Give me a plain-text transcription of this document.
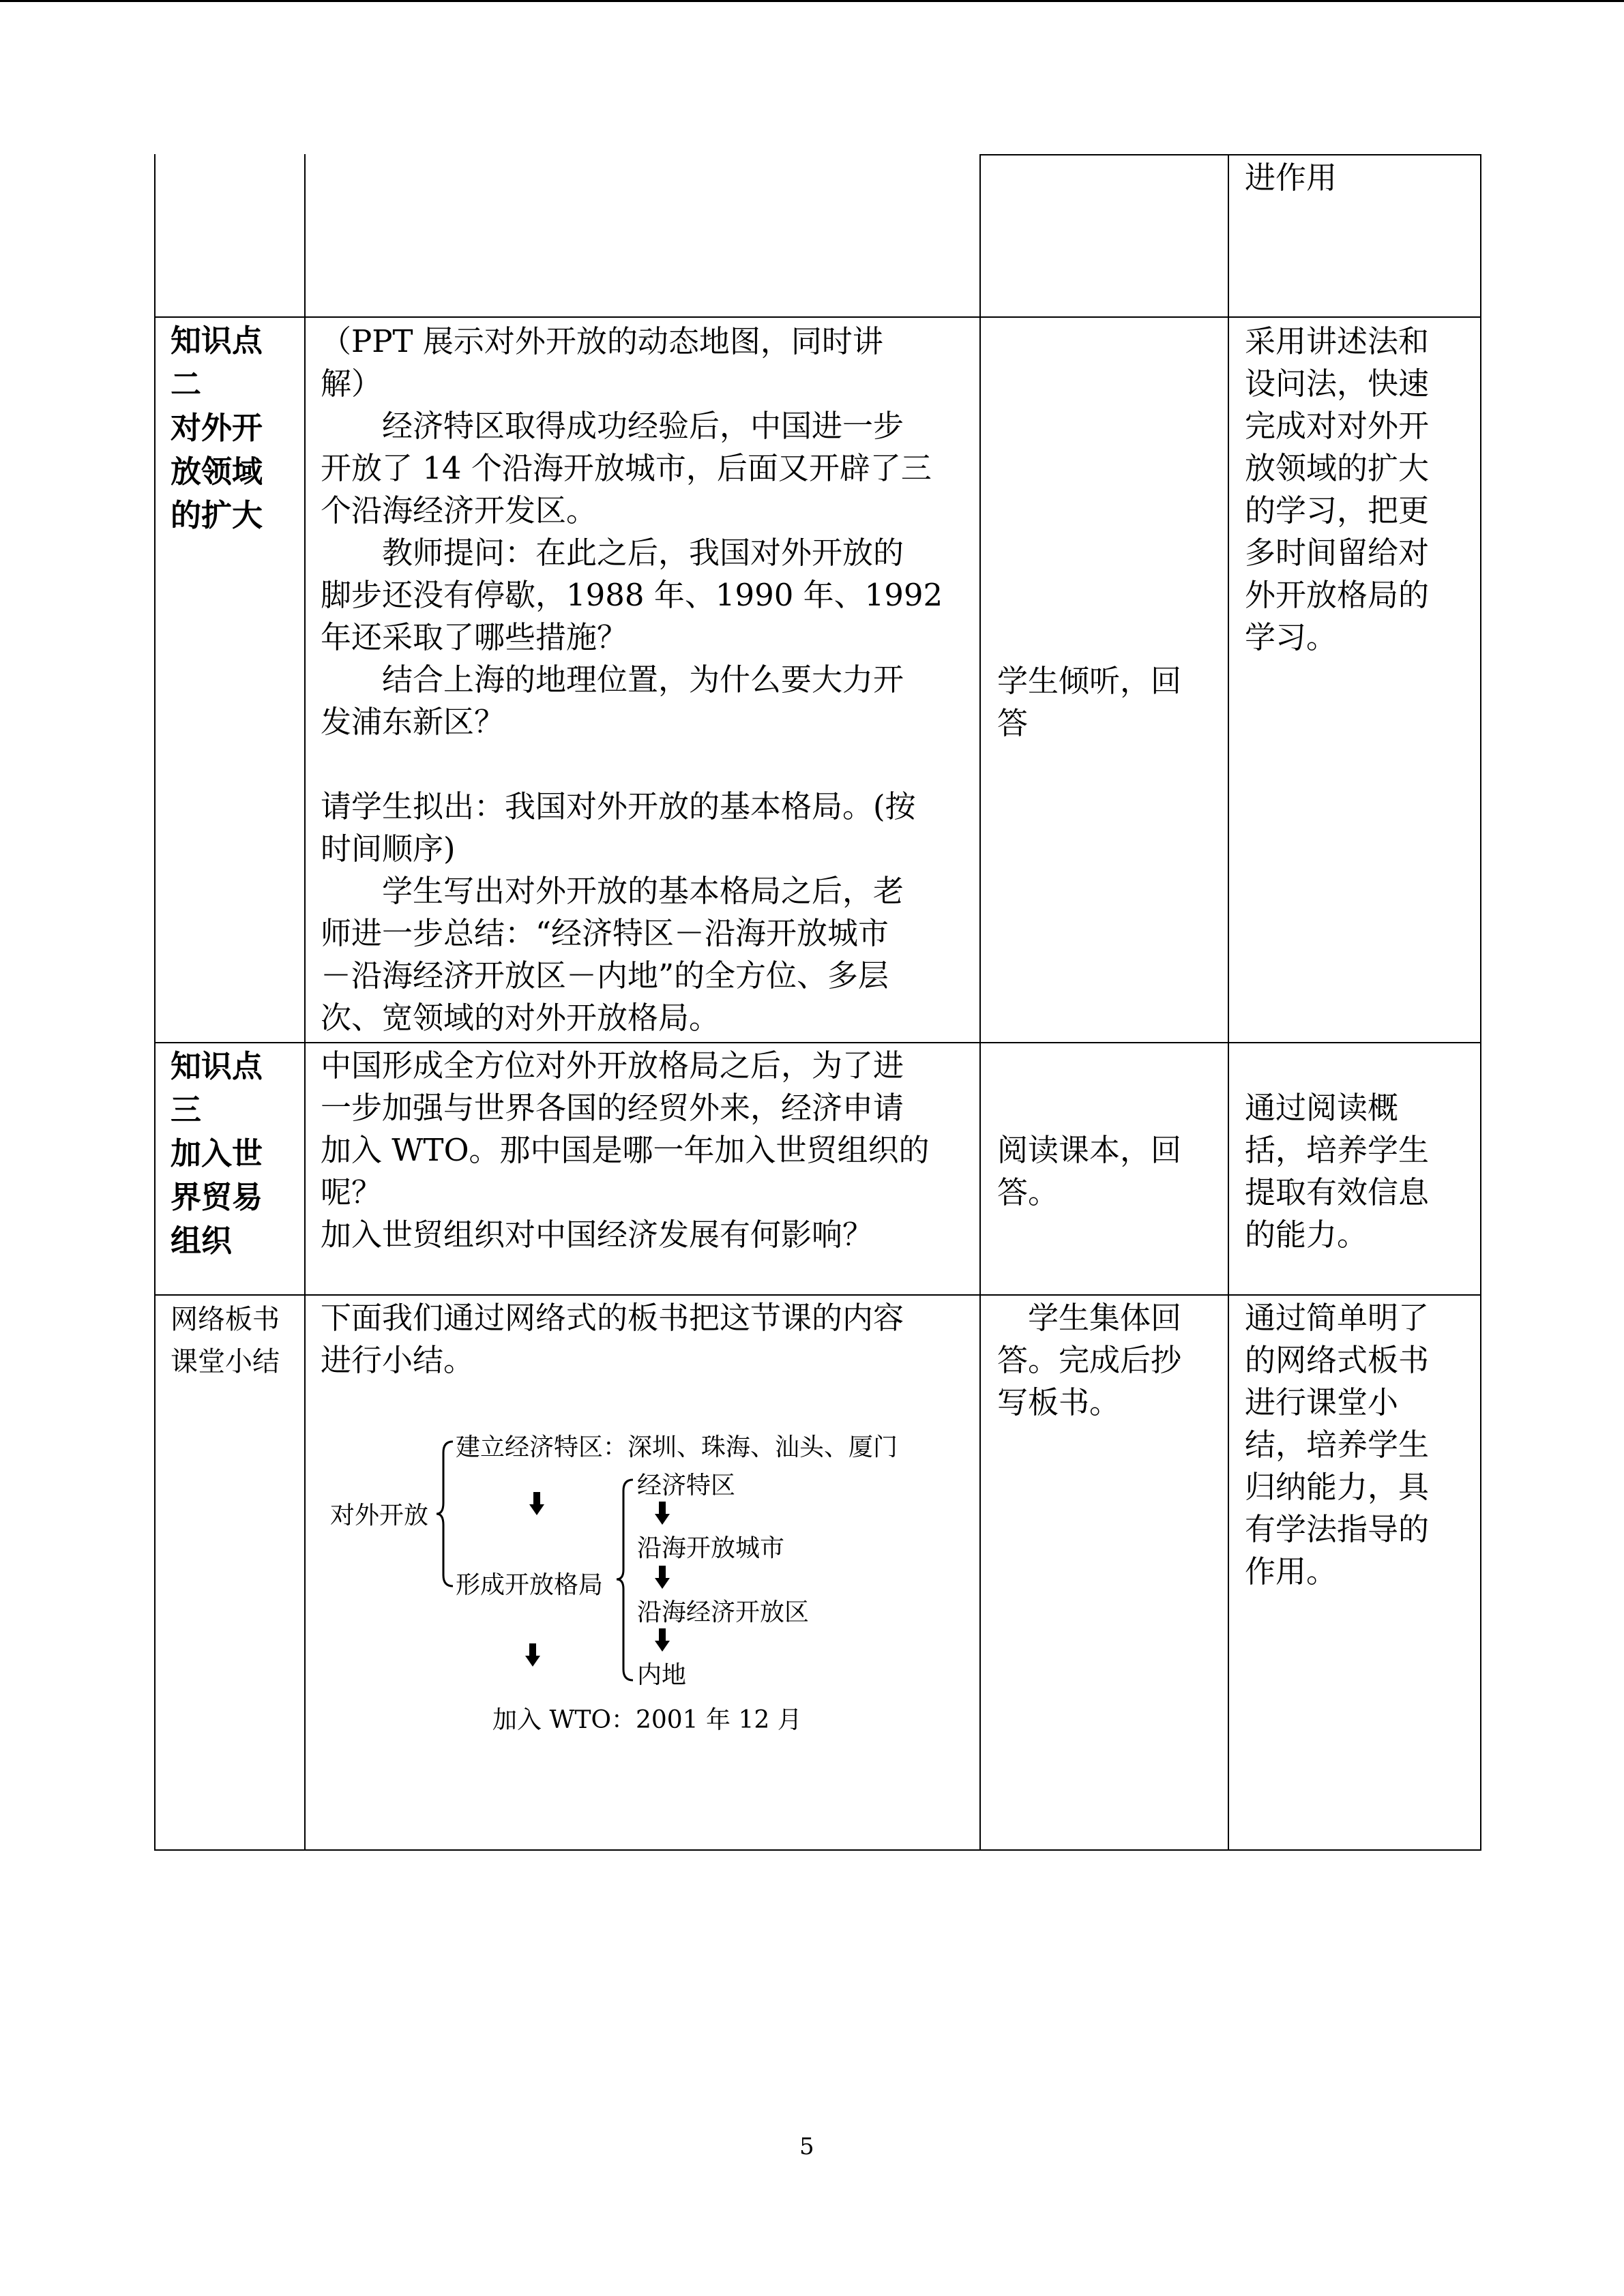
进作用
知识点
二
对外开
放领域
的扩大
（PPT 展示对外开放的动态地图，同时讲
解）
　　经济特区取得成功经验后，中国进一步
开放了 14 个沿海开放城市，后面又开辟了三
个沿海经济开发区。
　　教师提问：在此之后，我国对外开放的
脚步还没有停歇，1988 年、1990 年、1992
年还采取了哪些措施？
　　结合上海的地理位置，为什么要大力开
发浦东新区？

请学生拟出：我国对外开放的基本格局。(按
时间顺序)
　　学生写出对外开放的基本格局之后，老
师进一步总结：“经济特区－沿海开放城市
－沿海经济开放区－内地”的全方位、多层
次、宽领域的对外开放格局。
学生倾听，回
答
采用讲述法和
设问法，快速
完成对对外开
放领域的扩大
的学习，把更
多时间留给对
外开放格局的
学习。
知识点
三
加入世
界贸易
组织
中国形成全方位对外开放格局之后，为了进
一步加强与世界各国的经贸外来，经济申请
加入 WTO。那中国是哪一年加入世贸组织的
呢？
加入世贸组织对中国经济发展有何影响？
阅读课本，回
答。
通过阅读概
括，培养学生
提取有效信息
的能力。
网络板书
课堂小结
下面我们通过网络式的板书把这节课的内容
进行小结。
　学生集体回
答。完成后抄
写板书。
通过简单明了
的网络式板书
进行课堂小
结，培养学生
归纳能力，具
有学法指导的
作用。
对外开放
建立经济特区：深圳、珠海、汕头、厦门
形成开放格局
经济特区
沿海开放城市
沿海经济开放区
内地
加入 WTO：2001 年 12 月
5
